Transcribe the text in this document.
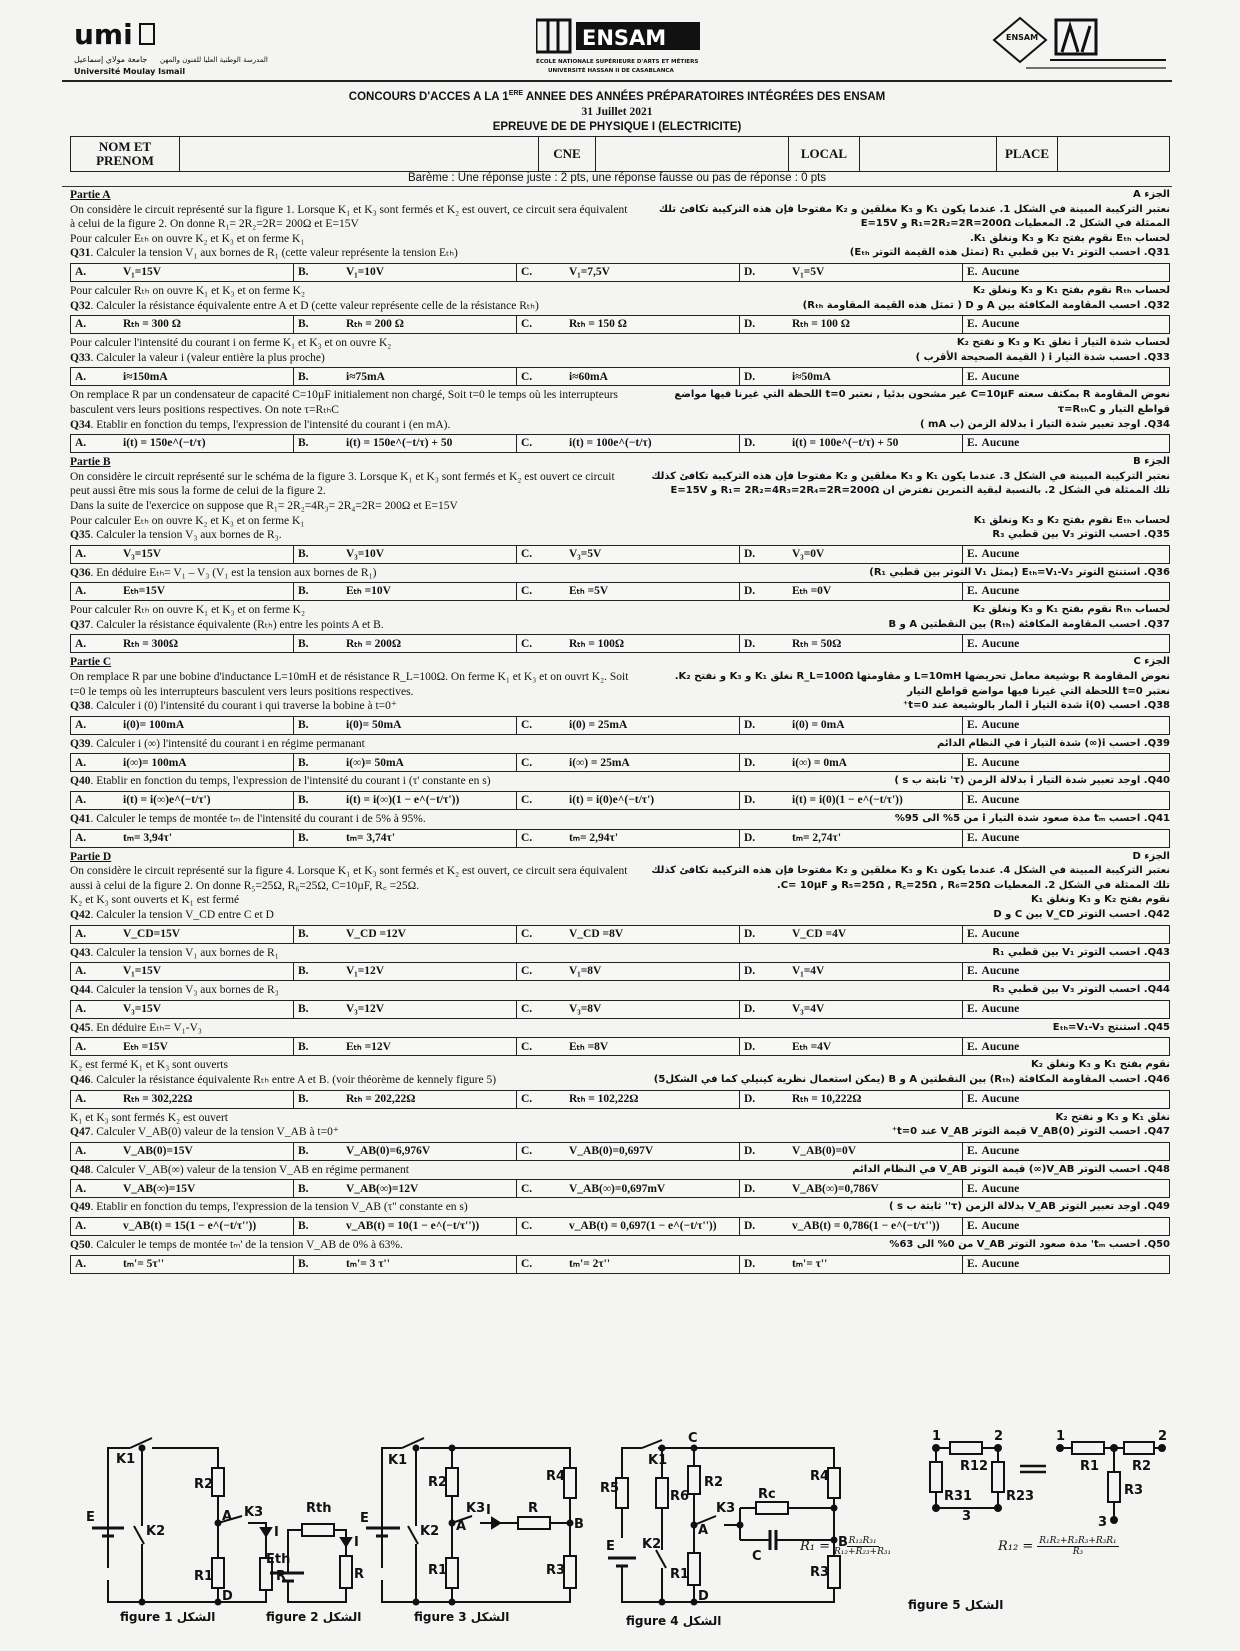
umi
جامعة مولاي إسماعيل
Université Moulay Ismail
المدرسة الوطنية العليا للفنون والمهن
ENSAM
ÉCOLE NATIONALE SUPÉRIEURE D'ARTS ET MÉTIERS
UNIVERSITÉ HASSAN II DE CASABLANCA
ENSAM
CONCOURS D'ACCES A LA 1ERE ANNEE DES ANNÉES PRÉPARATOIRES INTÉGRÉES DES ENSAM
31 Juillet 2021
EPREUVE DE DE PHYSIQUE I (ELECTRICITE)
NOM ET PRENOM	CNE	LOCAL	PLACE
Barème : Une réponse juste : 2 pts, une réponse fausse ou pas de réponse : 0 pts
Partie A	الجزء A
On considère le circuit représenté sur la figure 1. Lorsque K₁ et K₃ sont fermés et K₂ est ouvert, ce circuit sera équivalent à celui de la figure 2. On donne R₁= 2R₂=2R= 200Ω et E=15V
نعتبر التركيبة المبينة في الشكل 1. عندما يكون K₁ و K₃ مغلقين و K₂ مفتوحا فإن هذه التركيبة تكافئ تلك الممثلة في الشكل 2. المعطيات R₁=2R₂=2R=200Ω و E=15V
Pour calculer Eₜₕ on ouvre K₂ et K₃ et on ferme K₁	لحساب Eₜₕ نقوم بفتح K₂ و K₃ ونغلق K₁.
Q31. Calculer la tension V₁ aux bornes de R₁ (cette valeur représente la tension Eₜₕ)	Q31. احسب التوتر V₁ بين قطبي R₁ (تمثل هذه القيمة التوتر Eₜₕ)
A.	V₁=15V	B.	V₁=10V	C.	V₁=7,5V	D.	V₁=5V	E. Aucune
Pour calculer Rₜₕ on ouvre K₁ et K₃ et on ferme K₂	لحساب Rₜₕ نقوم بفتح K₁ و K₃ ونغلق K₂
Q32. Calculer la résistance équivalente entre A et D (cette valeur représente celle de la résistance Rₜₕ)	Q32. احسب المقاومة المكافئة بين A و D ( تمثل هذه القيمة المقاومة Rₜₕ)
A.	Rₜₕ = 300 Ω	B.	Rₜₕ = 200 Ω	C.	Rₜₕ = 150 Ω	D.	Rₜₕ = 100 Ω	E. Aucune
Pour calculer l'intensité du courant i on ferme K₁ et K₃ et on ouvre K₂	لحساب شدة التيار i نغلق K₁ و K₃ و نفتح K₂
Q33. Calculer la valeur i (valeur entière la plus proche)	Q33. احسب شدة التيار i ( القيمة الصحيحة الأقرب )
A.	i≈150mA	B.	i≈75mA	C.	i≈60mA	D.	i≈50mA	E. Aucune
On remplace R par un condensateur de capacité C=10µF initialement non chargé, Soit t=0 le temps où les interrupteurs basculent vers leurs positions respectives. On note τ=RₜₕC
نعوض المقاومة R بمكثف سعته C=10µF غير مشحون بدئيا , نعتبر t=0 اللحظة التي غيرنا فيها مواضع قواطع التيار و τ=RₜₕC
Q34. Etablir en fonction du temps, l'expression de l'intensité du courant i (en mA).	Q34. اوجد تعبير شدة التيار i بدلالة الزمن (ب mA )
A.	i(t) = 150e^(−t/τ)	B.	i(t) = 150e^(−t/τ) + 50	C.	i(t) = 100e^(−t/τ)	D.	i(t) = 100e^(−t/τ) + 50	E. Aucune
Partie B	الجزء B
On considère le circuit représenté sur le schéma de la figure 3. Lorsque K₁ et K₃ sont fermés et K₂ est ouvert ce circuit peut aussi être mis sous la forme de celui de la figure 2.
نعتبر التركيبة المبينة في الشكل 3. عندما يكون K₁ و K₃ مغلقين و K₂ مفتوحا فإن هذه التركيبة تكافئ كذلك تلك الممثلة في الشكل 2. بالنسبة لبقية التمرين نفترض ان R₁= 2R₂=4R₃=2R₄=2R=200Ω و E=15V
Dans la suite de l'exercice on suppose que R₁= 2R₂=4R₃= 2R₄=2R= 200Ω et E=15V
Pour calculer Eₜₕ on ouvre K₂ et K₃ et on ferme K₁	لحساب Eₜₕ نقوم بفتح K₂ و K₃ ونغلق K₁
Q35. Calculer la tension V₃ aux bornes de R₃.	Q35. احسب التوتر V₃ بين قطبي R₃
A.	V₃=15V	B.	V₃=10V	C.	V₃=5V	D.	V₃=0V	E. Aucune
Q36. En déduire Eₜₕ= V₁ – V₃ (V₁ est la tension aux bornes de R₁)	Q36. استنتج التوتر Eₜₕ=V₁-V₃ (يمثل V₁ التوتر بين قطبي R₁)
A.	Eₜₕ=15V	B.	Eₜₕ =10V	C.	Eₜₕ =5V	D.	Eₜₕ =0V	E. Aucune
Pour calculer Rₜₕ on ouvre K₁ et K₃ et on ferme K₂	لحساب Rₜₕ نقوم بفتح K₁ و K₃ ونغلق K₂
Q37. Calculer la résistance équivalente (Rₜₕ) entre les points A et B.	Q37. احسب المقاومة المكافئة (Rₜₕ) بين النقطتين A و B
A.	Rₜₕ = 300Ω	B.	Rₜₕ = 200Ω	C.	Rₜₕ = 100Ω	D.	Rₜₕ = 50Ω	E. Aucune
Partie C	الجزء C
On remplace R par une bobine d'inductance L=10mH et de résistance R_L=100Ω. On ferme K₁ et K₃ et on ouvrt K₂. Soit t=0 le temps où les interrupteurs basculent vers leurs positions respectives.
نعوض المقاومة R بوشيعة معامل تحريضها L=10mH و مقاومتها R_L=100Ω نغلق K₁ و K₃ و نفتح K₂. نعتبر t=0 اللحظة التي غيرنا فيها مواضع قواطع التيار
Q38. Calculer i (0) l'intensité du courant i qui traverse la bobine à t=0⁺	Q38. احسب i(0) شدة التيار i المار بالوشيعة عند t=0⁺
A.	i(0)= 100mA	B.	i(0)= 50mA	C.	i(0) = 25mA	D.	i(0) = 0mA	E. Aucune
Q39. Calculer i (∞) l'intensité du courant i en régime permanant	Q39. احسب i(∞) شدة التيار i في النظام الدائم
A.	i(∞)= 100mA	B.	i(∞)= 50mA	C.	i(∞) = 25mA	D.	i(∞) = 0mA	E. Aucune
Q40. Etablir en fonction du temps, l'expression de l'intensité du courant i (τ' constante en s)	Q40. اوجد تعبير شدة التيار i بدلالة الزمن (τ' ثابتة ب s )
A.	i(t) = i(∞)e^(−t/τ')	B.	i(t) = i(∞)(1 − e^(−t/τ'))	C.	i(t) = i(0)e^(−t/τ')	D.	i(t) = i(0)(1 − e^(−t/τ'))	E. Aucune
Q41. Calculer le temps de montée tₘ de l'intensité du courant i de 5% à 95%.	Q41. احسب tₘ مدة صعود شدة التيار i من 5% الى 95%
A.	tₘ= 3,94τ'	B.	tₘ= 3,74τ'	C.	tₘ= 2,94τ'	D.	tₘ= 2,74τ'	E. Aucune
Partie D	الجزء D
On considère le circuit représenté sur la figure 4. Lorsque K₁ et K₃ sont fermés et K₂ est ouvert, ce circuit sera équivalent aussi à celui de la figure 2. On donne R₅=25Ω, R₆=25Ω, C=10µF, R꜀ =25Ω.
نعتبر التركيبة المبينة في الشكل 4. عندما يكون K₁ و K₃ مغلقين و K₂ مفتوحا فإن هذه التركيبة تكافئ كذلك تلك الممثلة في الشكل 2. المعطيات R₅=25Ω , R꜀=25Ω , R₆=25Ω و C= 10µF.
K₂ et K₃ sont ouverts et K₁ est fermé	نقوم بفتح K₂ و K₃ ونغلق K₁
Q42. Calculer la tension V_CD entre C et D	Q42. احسب التوتر V_CD بين C و D
A.	V_CD=15V	B.	V_CD =12V	C.	V_CD =8V	D.	V_CD =4V	E. Aucune
Q43. Calculer la tension V₁ aux bornes de R₁	Q43. احسب التوتر V₁ بين قطبي R₁
A.	V₁=15V	B.	V₁=12V	C.	V₁=8V	D.	V₁=4V	E. Aucune
Q44. Calculer la tension V₃ aux bornes de R₃	Q44. احسب التوتر V₃ بين قطبي R₃
A.	V₃=15V	B.	V₃=12V	C.	V₃=8V	D.	V₃=4V	E. Aucune
Q45. En déduire Eₜₕ= V₁-V₃	Q45. استنتج Eₜₕ=V₁-V₃
A.	Eₜₕ =15V	B.	Eₜₕ =12V	C.	Eₜₕ =8V	D.	Eₜₕ =4V	E. Aucune
K₂ est fermé K₁ et K₃ sont ouverts	نقوم بفتح K₁ و K₃ ونغلق K₂
Q46. Calculer la résistance équivalente Rₜₕ entre A et B. (voir théorème de kennely figure 5)	Q46. احسب المقاومة المكافئة (Rₜₕ) بين النقطتين A و B (يمكن استعمال نظرية كينيلي كما في الشكل5)
A.	Rₜₕ = 302,22Ω	B.	Rₜₕ = 202,22Ω	C.	Rₜₕ = 102,22Ω	D.	Rₜₕ = 10,222Ω	E. Aucune
K₁ et K₃ sont fermés K₂ est ouvert	نغلق K₁ و K₃ و نفتح K₂
Q47. Calculer V_AB(0) valeur de la tension V_AB à t=0⁺	Q47. احسب التوتر V_AB(0) قيمة التوتر V_AB عند t=0⁺
A.	V_AB(0)=15V	B.	V_AB(0)=6,976V	C.	V_AB(0)=0,697V	D.	V_AB(0)=0V	E. Aucune
Q48. Calculer V_AB(∞) valeur de la tension V_AB en régime permanent	Q48. احسب التوتر V_AB(∞) قيمة التوتر V_AB في النظام الدائم
A.	V_AB(∞)=15V	B.	V_AB(∞)=12V	C.	V_AB(∞)=0,697mV	D.	V_AB(∞)=0,786V	E. Aucune
Q49. Etablir en fonction du temps, l'expression de la tension V_AB (τ'' constante en s)	Q49. اوجد تعبير التوتر V_AB بدلالة الزمن (τ'' ثابتة ب s )
A.	v_AB(t) = 15(1 − e^(−t/τ''))	B.	v_AB(t) = 10(1 − e^(−t/τ''))	C.	v_AB(t) = 0,697(1 − e^(−t/τ'')) D.	v_AB(t) = 0,786(1 − e^(−t/τ'')) E. Aucune
Q50. Calculer le temps de montée tₘ' de la tension V_AB de 0% à 63%.	Q50. احسب tₘ' مدة صعود التوتر V_AB من 0% الى 63%
A.	tₘ'= 5τ''	B.	tₘ'= 3 τ''	C.	tₘ'= 2τ''	D.	tₘ'= τ''	E. Aucune
K1
R2
E
K2
A K3
I
R1	R
D
Rth
Eth
I
R
K1
R2
E
K2 A
K3 I	R
R4
B
R1	R3
C
K1
R5
R6
R2	R4
Rc
K3
A
E K2
C
B
R1	R3
D
1	2
R12
R31	R23
3
1	2
R1	R2
R3
3
figure 1 الشكل	figure 2 الشكل	figure 3 الشكل	figure 4 الشكل
figure 5 الشكل
$R_1 = \frac{\text{R₁₂R₃₁}}{\text{R₁₂+R₂₃+R₃₁}}$	$R_{12} = \frac{\text{R₁R₂+R₂R₃+R₃R₁}}{\text{R₃}}$
